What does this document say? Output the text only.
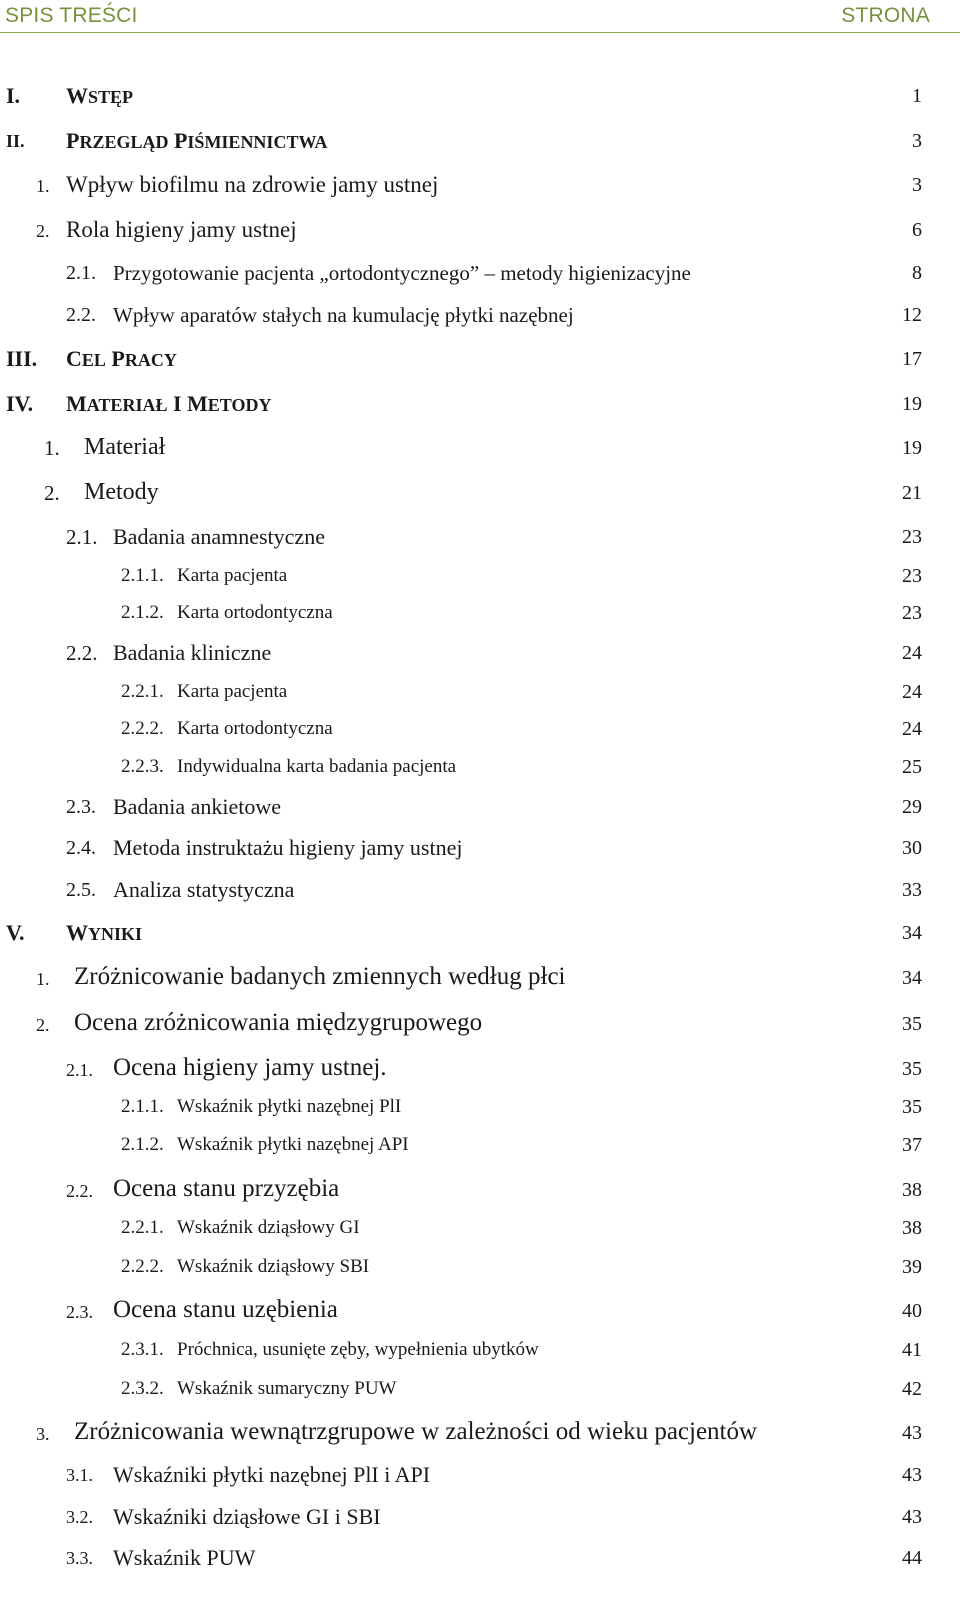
SPIS TREŚCI	STRONA
I. WSTĘP	1
II. PRZEGLĄD PIŚMIENNICTWA	3
1. Wpływ biofilmu na zdrowie jamy ustnej	3
2. Rola higieny jamy ustnej	6
2.1. Przygotowanie pacjenta „ortodontycznego” – metody higienizacyjne	8
2.2. Wpływ aparatów stałych na kumulację płytki nazębnej	12
III. CEL PRACY	17
IV. MATERIAŁ I METODY	19
1. Materiał	19
2. Metody	21
2.1. Badania anamnestyczne	23
2.1.1. Karta pacjenta	23
2.1.2. Karta ortodontyczna	23
2.2. Badania kliniczne	24
2.2.1. Karta pacjenta	24
2.2.2. Karta ortodontyczna	24
2.2.3. Indywidualna karta badania pacjenta	25
2.3. Badania ankietowe	29
2.4. Metoda instruktażu higieny jamy ustnej	30
2.5. Analiza statystyczna	33
V. WYNIKI	34
1. Zróżnicowanie badanych zmiennych według płci	34
2. Ocena zróżnicowania międzygrupowego	35
2.1. Ocena higieny jamy ustnej.	35
2.1.1. Wskaźnik płytki nazębnej PlI	35
2.1.2. Wskaźnik płytki nazębnej API	37
2.2. Ocena stanu przyzębia	38
2.2.1. Wskaźnik dziąsłowy GI	38
2.2.2. Wskaźnik dziąsłowy SBI	39
2.3. Ocena stanu uzębienia	40
2.3.1. Próchnica, usunięte zęby, wypełnienia ubytków	41
2.3.2. Wskaźnik sumaryczny PUW	42
3. Zróżnicowania wewnątrzgrupowe w zależności od wieku pacjentów	43
3.1. Wskaźniki płytki nazębnej PlI i API	43
3.2. Wskaźniki dziąsłowe GI i SBI	43
3.3. Wskaźnik PUW	44
